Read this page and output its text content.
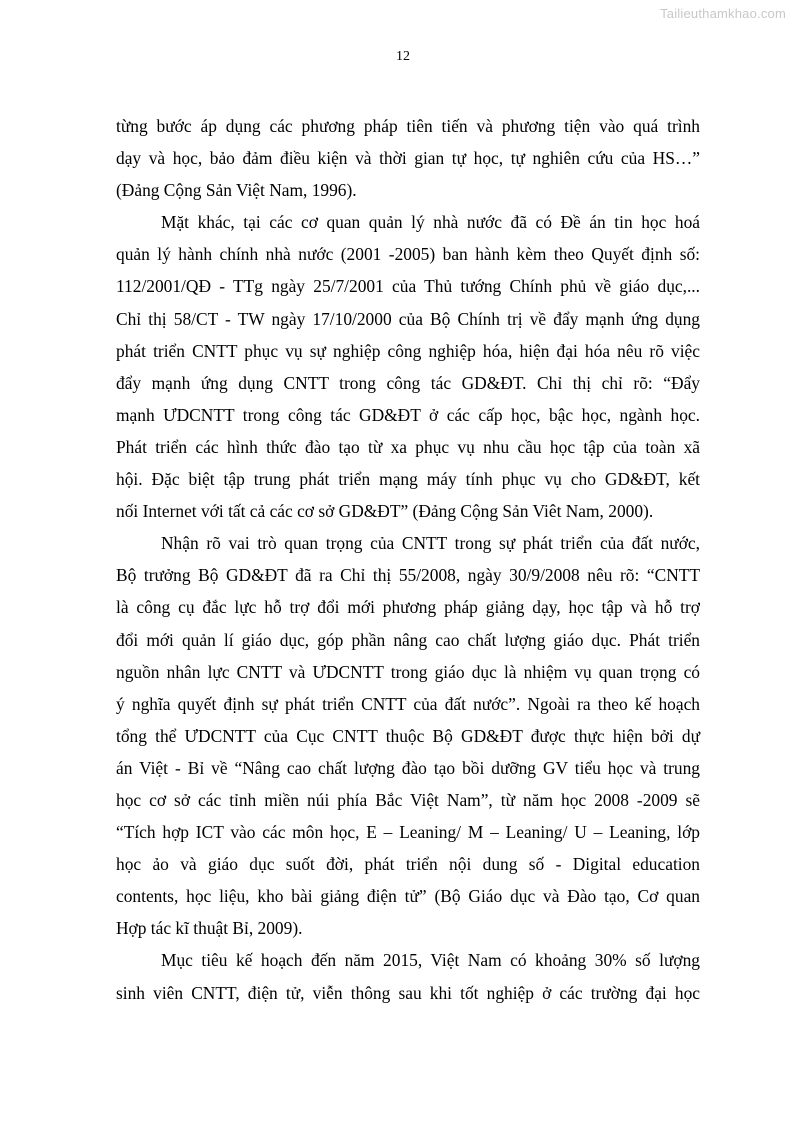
Tailieuthamkhao.com
12
từng bước áp dụng các phương pháp tiên tiến và phương tiện vào quá trình
dạy và học, bảo đảm điều kiện và thời gian tự học, tự nghiên cứu của HS…”
(Đảng Cộng Sản Việt Nam, 1996).
Mặt khác, tại các cơ quan quản lý nhà nước đã có Đề án tin học hoá
quản lý hành chính nhà nước (2001 -2005) ban hành kèm theo Quyết định số:
112/2001/QĐ - TTg ngày 25/7/2001 của Thủ tướng Chính phủ về giáo dục,...
Chỉ thị 58/CT - TW ngày 17/10/2000 của Bộ Chính trị về đẩy mạnh ứng dụng
phát triển CNTT phục vụ sự nghiệp công nghiệp hóa, hiện đại hóa nêu rõ việc
đẩy mạnh ứng dụng CNTT trong công tác GD&ĐT. Chỉ thị chỉ rõ: “Đẩy
mạnh ƯDCNTT trong công tác GD&ĐT ở các cấp học, bậc học, ngành học.
Phát triển các hình thức đào tạo từ xa phục vụ nhu cầu học tập của toàn xã
hội. Đặc biệt tập trung phát triển mạng máy tính phục vụ cho GD&ĐT, kết
nối Internet với tất cả các cơ sở GD&ĐT” (Đảng Cộng Sản Viêt Nam, 2000).
Nhận rõ vai trò quan trọng của CNTT trong sự phát triển của đất nước,
Bộ trưởng Bộ GD&ĐT đã ra Chỉ thị 55/2008, ngày 30/9/2008 nêu rõ: “CNTT
là công cụ đắc lực hỗ trợ đổi mới phương pháp giảng dạy, học tập và hỗ trợ
đổi mới quản lí giáo dục, góp phần nâng cao chất lượng giáo dục. Phát triển
nguồn nhân lực CNTT và ƯDCNTT trong giáo dục là nhiệm vụ quan trọng có
ý nghĩa quyết định sự phát triển CNTT của đất nước”. Ngoài ra theo kế hoạch
tổng thể ƯDCNTT của Cục CNTT thuộc Bộ GD&ĐT được thực hiện bởi dự
án Việt - Bỉ về “Nâng cao chất lượng đào tạo bồi dưỡng GV tiểu học và trung
học cơ sở các tỉnh miền núi phía Bắc Việt Nam”, từ năm học 2008 -2009 sẽ
“Tích hợp ICT vào các môn học, E – Leaning/ M – Leaning/ U – Leaning, lớp
học ảo và giáo dục suốt đời, phát triển nội dung số - Digital education
contents, học liệu, kho bài giảng điện tử” (Bộ Giáo dục và Đào tạo, Cơ quan
Hợp tác kĩ thuật Bỉ, 2009).
Mục tiêu kế hoạch đến năm 2015, Việt Nam có khoảng 30% số lượng
sinh viên CNTT, điện tử, viễn thông sau khi tốt nghiệp ở các trường đại học
